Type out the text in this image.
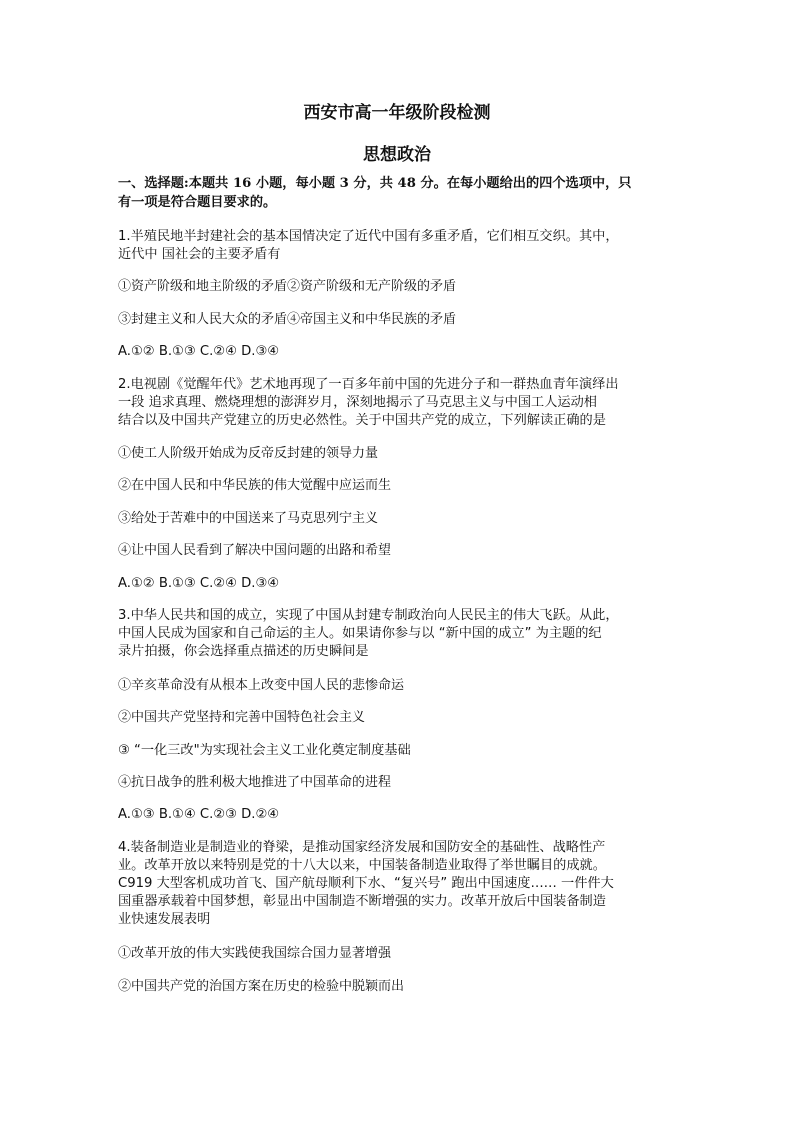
西安市高一年级阶段检测
思想政治
一、选择题:本题共 16 小题，每小题 3 分，共 48 分。在每小题给出的四个选项中，只
有一项是符合题目要求的。
1.半殖民地半封建社会的基本国情决定了近代中国有多重矛盾，它们相互交织。其中，
近代中 国社会的主要矛盾有
①资产阶级和地主阶级的矛盾②资产阶级和无产阶级的矛盾
③封建主义和人民大众的矛盾④帝国主义和中华民族的矛盾
A.①② B.①③ C.②④ D.③④
2.电视剧《觉醒年代》艺术地再现了一百多年前中国的先进分子和一群热血青年演绎出
一段 追求真理、燃烧理想的澎湃岁月，深刻地揭示了马克思主义与中国工人运动相
结合以及中国共产党建立的历史必然性。关于中国共产党的成立，下列解读正确的是
①使工人阶级开始成为反帝反封建的领导力量
②在中国人民和中华民族的伟大觉醒中应运而生
③给处于苦难中的中国送来了马克思列宁主义
④让中国人民看到了解决中国问题的出路和希望
A.①② B.①③ C.②④ D.③④
3.中华人民共和国的成立，实现了中国从封建专制政治向人民民主的伟大飞跃。从此，
中国人民成为国家和自己命运的主人。如果请你参与以 “新中国的成立” 为主题的纪
录片拍摄，你会选择重点描述的历史瞬间是
①辛亥革命没有从根本上改变中国人民的悲惨命运
②中国共产党坚持和完善中国特色社会主义
③ “一化三改"为实现社会主义工业化奠定制度基础
④抗日战争的胜利极大地推进了中国革命的进程
A.①③ B.①④ C.②③ D.②④
4.装备制造业是制造业的脊梁，是推动国家经济发展和国防安全的基础性、战略性产
业。改革开放以来特别是党的十八大以来，中国装备制造业取得了举世瞩目的成就。
C919 大型客机成功首飞、国产航母顺利下水、“复兴号” 跑出中国速度…… 一件件大
国重器承载着中国梦想，彰显出中国制造不断增强的实力。改革开放后中国装备制造
业快速发展表明
①改革开放的伟大实践使我国综合国力显著增强
②中国共产党的治国方案在历史的检验中脱颖而出
